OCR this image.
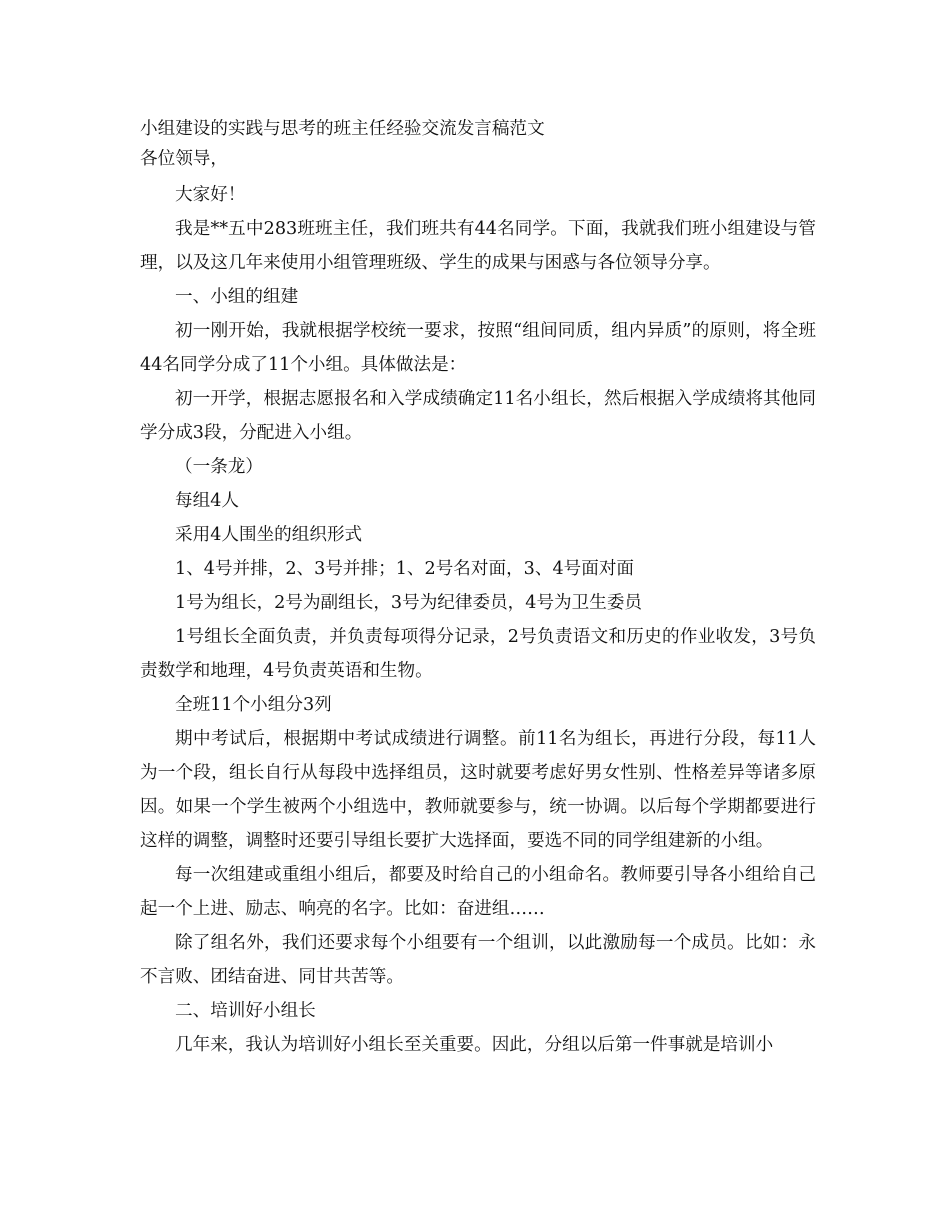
小组建设的实践与思考的班主任经验交流发言稿范文

各位领导，

大家好！

我是**五中283班班主任，我们班共有44名同学。下面，我就我们班小组建设与管理，以及这几年来使用小组管理班级、学生的成果与困惑与各位领导分享。

一、小组的组建

初一刚开始，我就根据学校统一要求，按照“组间同质，组内异质”的原则，将全班44名同学分成了11个小组。具体做法是：

初一开学，根据志愿报名和入学成绩确定11名小组长，然后根据入学成绩将其他同学分成3段，分配进入小组。

（一条龙）

每组4人

采用4人围坐的组织形式

1、4号并排，2、3号并排；1、2号名对面，3、4号面对面

1号为组长，2号为副组长，3号为纪律委员，4号为卫生委员

1号组长全面负责，并负责每项得分记录，2号负责语文和历史的作业收发，3号负责数学和地理，4号负责英语和生物。

全班11个小组分3列

期中考试后，根据期中考试成绩进行调整。前11名为组长，再进行分段，每11人为一个段，组长自行从每段中选择组员，这时就要考虑好男女性别、性格差异等诸多原因。如果一个学生被两个小组选中，教师就要参与，统一协调。以后每个学期都要进行这样的调整，调整时还要引导组长要扩大选择面，要选不同的同学组建新的小组。

每一次组建或重组小组后，都要及时给自己的小组命名。教师要引导各小组给自己起一个上进、励志、响亮的名字。比如：奋进组……

除了组名外，我们还要求每个小组要有一个组训，以此激励每一个成员。比如：永不言败、团结奋进、同甘共苦等。

二、培训好小组长

几年来，我认为培训好小组长至关重要。因此，分组以后第一件事就是培训小
